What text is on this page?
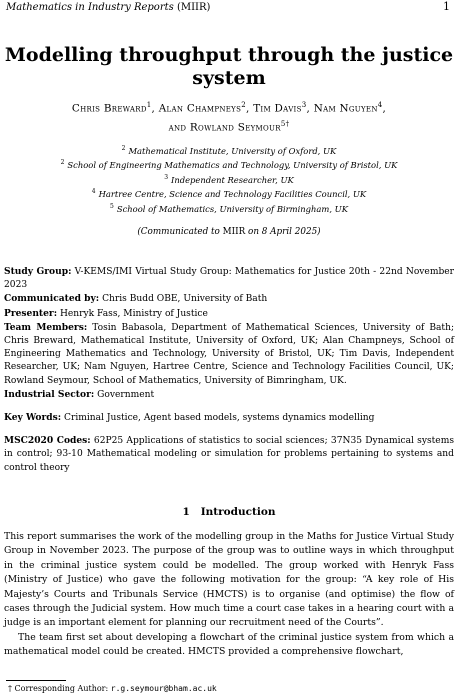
Mathematics in Industry Reports (MIIR)	1
Modelling throughput through the justice system
Chris Breward$^1$, Alan Champneys$^2$, Tim Davis$^3$, Nam Nguyen$^4$,
and Rowland Seymour$^{5\dagger}$
$^2$ Mathematical Institute, University of Oxford, UK
$^2$ School of Engineering Mathematics and Technology, University of Bristol, UK
$^3$ Independent Researcher, UK
$^4$ Hartree Centre, Science and Technology Facilities Council, UK
$^5$ School of Mathematics, University of Birmingham, UK
(Communicated to MIIR on 8 April 2025)

Study Group: V-KEMS/IMI Virtual Study Group: Mathematics for Justice 20th - 22nd November 2023

Communicated by: Chris Budd OBE, University of Bath

Presenter: Henryk Fass, Ministry of Justice

Team Members: Tosin Babasola, Department of Mathematical Sciences, University of Bath; Chris Breward, Mathematical Institute, University of Oxford, UK; Alan Champneys, School of Engineering Mathematics and Technology, University of Bristol, UK; Tim Davis, Independent Researcher, UK; Nam Nguyen, Hartree Centre, Science and Technology Facilities Council, UK; Rowland Seymour, School of Mathematics, University of Bimringham, UK.

Industrial Sector: Government

Key Words: Criminal Justice, Agent based models, systems dynamics modelling

MSC2020 Codes: 62P25 Applications of statistics to social sciences; 37N35 Dynamical systems in control; 93-10 Mathematical modeling or simulation for problems pertaining to systems and control theory

1 Introduction

This report summarises the work of the modelling group in the Maths for Justice Virtual Study Group in November 2023. The purpose of the group was to outline ways in which throughput in the criminal justice system could be modelled. The group worked with Henryk Fass (Ministry of Justice) who gave the following motivation for the group: “A key role of His Majesty’s Courts and Tribunals Service (HMCTS) is to organise (and optimise) the flow of cases through the Judicial system. How much time a court case takes in a hearing court with a judge is an important element for planning our recruitment need of the Courts”.

The team first set about developing a flowchart of the criminal justice system from which a mathematical model could be created. HMCTS provided a comprehensive flowchart,

† Corresponding Author: r.g.seymour@bham.ac.uk
